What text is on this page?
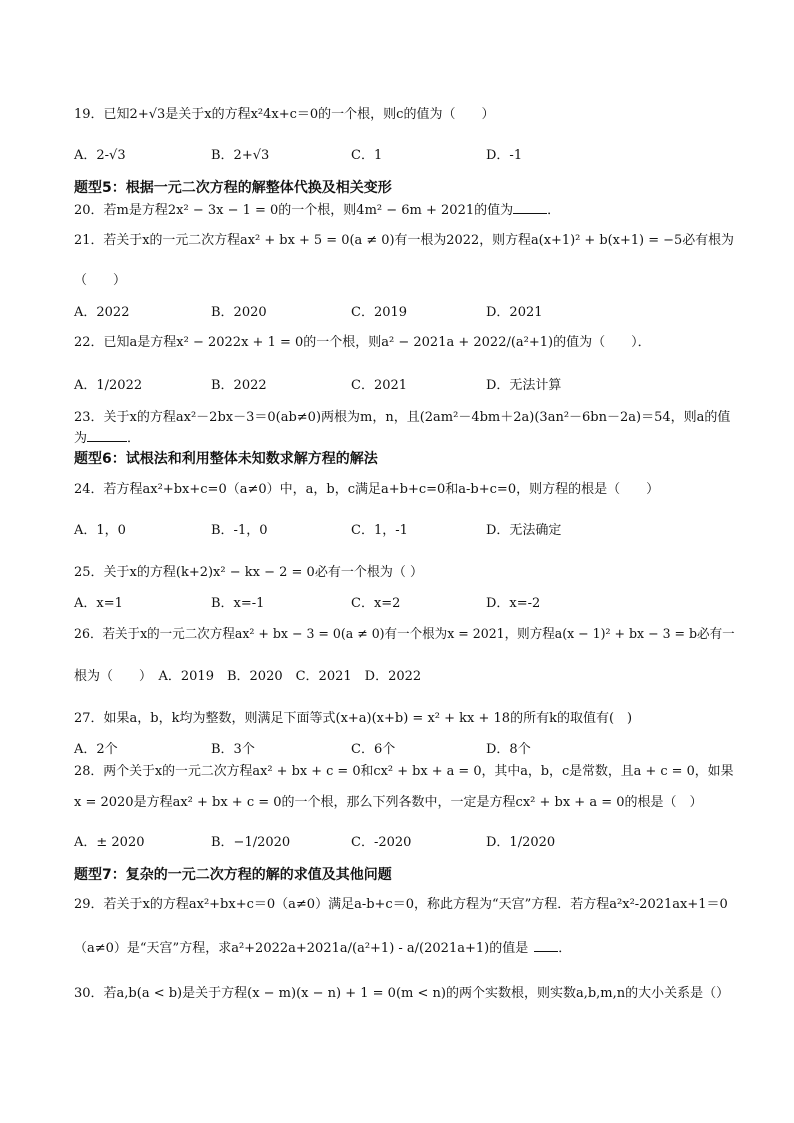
19．已知2+√3是关于x的方程x²4x+c＝0的一个根，则c的值为（　　）
A．2-√3	B．2+√3	C．1	D．-1
题型5：根据一元二次方程的解整体代换及相关变形
20．若m是方程2x² − 3x − 1 = 0的一个根，则4m² − 6m + 2021的值为	．
21．若关于x的一元二次方程ax² + bx + 5 = 0(a ≠ 0)有一根为2022，则方程a(x+1)² + b(x+1) = −5必有根为
（　　）
A．2022	B．2020	C．2019	D．2021
22．已知a是方程x² − 2022x + 1 = 0的一个根，则a² − 2021a + 2022/(a²+1)的值为（　　）．
A．1/2022	B．2022	C．2021	D．无法计算
23．关于x的方程ax²－2bx－3＝0(ab≠0)两根为m，n，且(2am²－4bm＋2a)(3an²－6bn－2a)＝54，则a的值
为	．
题型6：试根法和利用整体未知数求解方程的解法
24．若方程ax²+bx+c=0（a≠0）中，a，b，c满足a+b+c=0和a-b+c=0，则方程的根是（　　）
A．1，0	B．-1，0	C．1，-1	D．无法确定
25．关于x的方程(k+2)x² − kx − 2 = 0必有一个根为（ ）
A．x=1	B．x=-1	C．x=2	D．x=-2
26．若关于x的一元二次方程ax² + bx − 3 = 0(a ≠ 0)有一个根为x = 2021，则方程a(x − 1)² + bx − 3 = b必有一
根为（　　）　A．2019　B．2020　C．2021　D．2022
27．如果a，b，k均为整数，则满足下面等式(x+a)(x+b) = x² + kx + 18的所有k的取值有(　)
A．2个	B．3个	C．6个	D．8个
28．两个关于x的一元二次方程ax² + bx + c = 0和cx² + bx + a = 0，其中a，b，c是常数，且a + c = 0，如果
x = 2020是方程ax² + bx + c = 0的一个根，那么下列各数中，一定是方程cx² + bx + a = 0的根是（　）
A．± 2020	B．−1/2020	C．-2020	D．1/2020
题型7：复杂的一元二次方程的解的求值及其他问题
29．若关于x的方程ax²+bx+c＝0（a≠0）满足a-b+c＝0，称此方程为“天宫”方程．若方程a²x²-2021ax+1＝0
（a≠0）是“天宫”方程，求a²+2022a+2021a/(a²+1) - a/(2021a+1)的值是 ．
30．若a,b(a < b)是关于方程(x − m)(x − n) + 1 = 0(m < n)的两个实数根，则实数a,b,m,n的大小关系是（）
